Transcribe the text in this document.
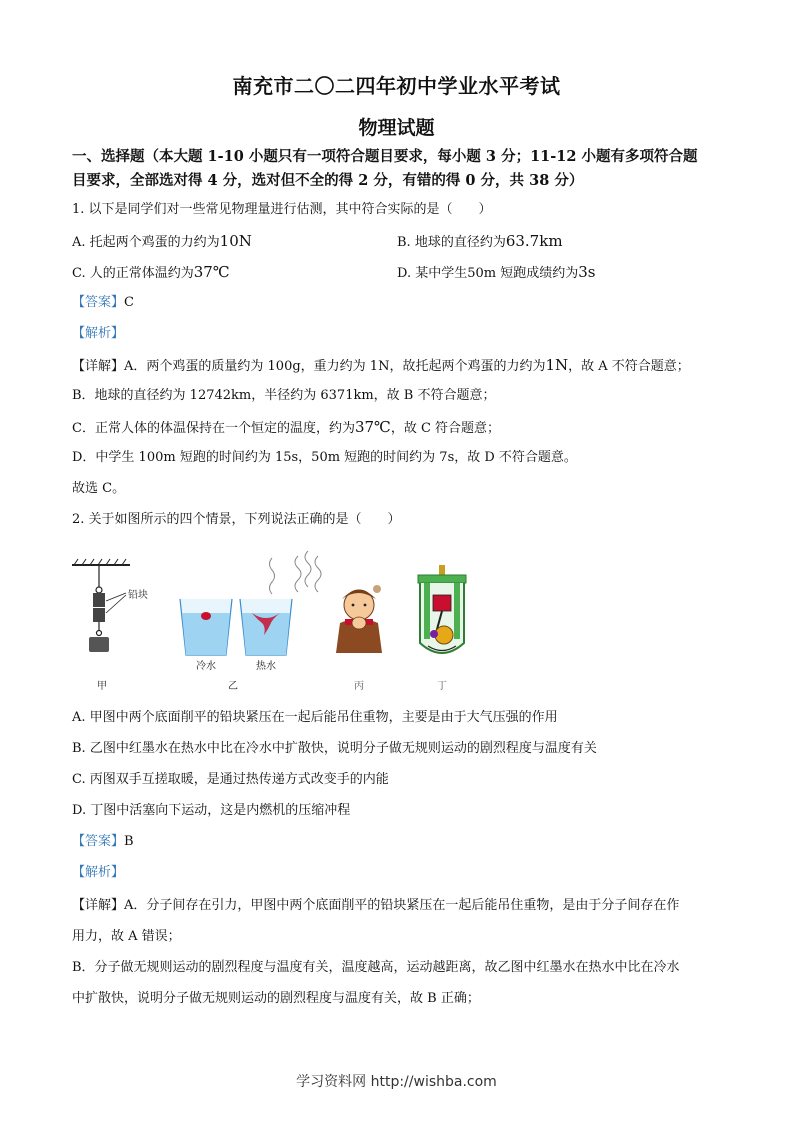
南充市二〇二四年初中学业水平考试
物理试题
一、选择题（本大题 1-10 小题只有一项符合题目要求，每小题 3 分；11-12 小题有多项符合题
目要求，全部选对得 4 分，选对但不全的得 2 分，有错的得 0 分，共 38 分）
1. 以下是同学们对一些常见物理量进行估测，其中符合实际的是（　　）
A. 托起两个鸡蛋的力约为10N	B. 地球的直径约为63.7km
C. 人的正常体温约为37℃	D. 某中学生50m 短跑成绩约为3s
【答案】C
【解析】
【详解】A．两个鸡蛋的质量约为 100g，重力约为 1N，故托起两个鸡蛋的力约为1N，故 A 不符合题意；
B．地球的直径约为 12742km，半径约为 6371km，故 B 不符合题意；
C．正常人体的体温保持在一个恒定的温度，约为37℃，故 C 符合题意；
D．中学生 100m 短跑的时间约为 15s，50m 短跑的时间约为 7s，故 D 不符合题意。
故选 C。
2. 关于如图所示的四个情景，下列说法正确的是（　　）
铅块
甲
冷水	热水
乙	丙	丁
A. 甲图中两个底面削平的铅块紧压在一起后能吊住重物，主要是由于大气压强的作用
B. 乙图中红墨水在热水中比在冷水中扩散快，说明分子做无规则运动的剧烈程度与温度有关
C. 丙图双手互搓取暖，是通过热传递方式改变手的内能
D. 丁图中活塞向下运动，这是内燃机的压缩冲程
【答案】B
【解析】
【详解】A．分子间存在引力，甲图中两个底面削平的铅块紧压在一起后能吊住重物，是由于分子间存在作
用力，故 A 错误；
B．分子做无规则运动的剧烈程度与温度有关，温度越高，运动越距离，故乙图中红墨水在热水中比在冷水
中扩散快，说明分子做无规则运动的剧烈程度与温度有关，故 B 正确；
学习资料网 http://wishba.com
